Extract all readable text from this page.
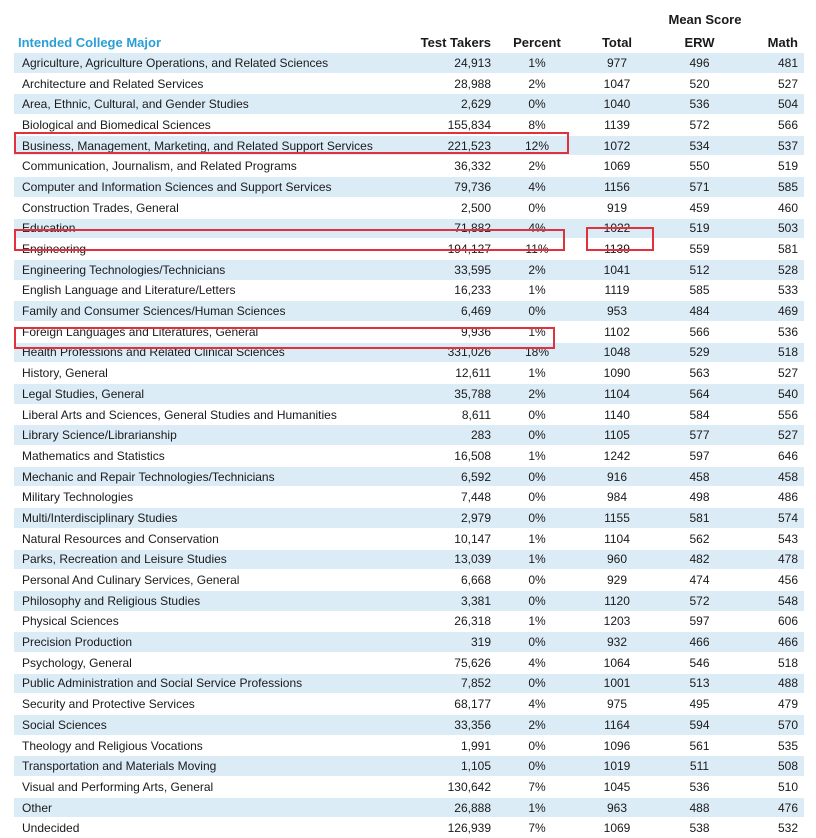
Mean Score
Intended College Major	Test Takers	Percent	Total	ERW	Math
Agriculture, Agriculture Operations, and Related Sciences	24,913	1%	977	496	481
Architecture and Related Services	28,988	2%	1047	520	527
Area, Ethnic, Cultural, and Gender Studies	2,629	0%	1040	536	504
Biological and Biomedical Sciences	155,834	8%	1139	572	566
Business, Management, Marketing, and Related Support Services	221,523	12%	1072	534	537
Communication, Journalism, and Related Programs	36,332	2%	1069	550	519
Computer and Information Sciences and Support Services	79,736	4%	1156	571	585
Construction Trades, General	2,500	0%	919	459	460
Education	71,882	4%	1022	519	503
Engineering	194,127	11%	1139	559	581
Engineering Technologies/Technicians	33,595	2%	1041	512	528
English Language and Literature/Letters	16,233	1%	1119	585	533
Family and Consumer Sciences/Human Sciences	6,469	0%	953	484	469
Foreign Languages and Literatures, General	9,936	1%	1102	566	536
Health Professions and Related Clinical Sciences	331,026	18%	1048	529	518
History, General	12,611	1%	1090	563	527
Legal Studies, General	35,788	2%	1104	564	540
Liberal Arts and Sciences, General Studies and Humanities	8,611	0%	1140	584	556
Library Science/Librarianship	283	0%	1105	577	527
Mathematics and Statistics	16,508	1%	1242	597	646
Mechanic and Repair Technologies/Technicians	6,592	0%	916	458	458
Military Technologies	7,448	0%	984	498	486
Multi/Interdisciplinary Studies	2,979	0%	1155	581	574
Natural Resources and Conservation	10,147	1%	1104	562	543
Parks, Recreation and Leisure Studies	13,039	1%	960	482	478
Personal And Culinary Services, General	6,668	0%	929	474	456
Philosophy and Religious Studies	3,381	0%	1120	572	548
Physical Sciences	26,318	1%	1203	597	606
Precision Production	319	0%	932	466	466
Psychology, General	75,626	4%	1064	546	518
Public Administration and Social Service Professions	7,852	0%	1001	513	488
Security and Protective Services	68,177	4%	975	495	479
Social Sciences	33,356	2%	1164	594	570
Theology and Religious Vocations	1,991	0%	1096	561	535
Transportation and Materials Moving	1,105	0%	1019	511	508
Visual and Performing Arts, General	130,642	7%	1045	536	510
Other	26,888	1%	963	488	476
Undecided	126,939	7%	1069	538	532
